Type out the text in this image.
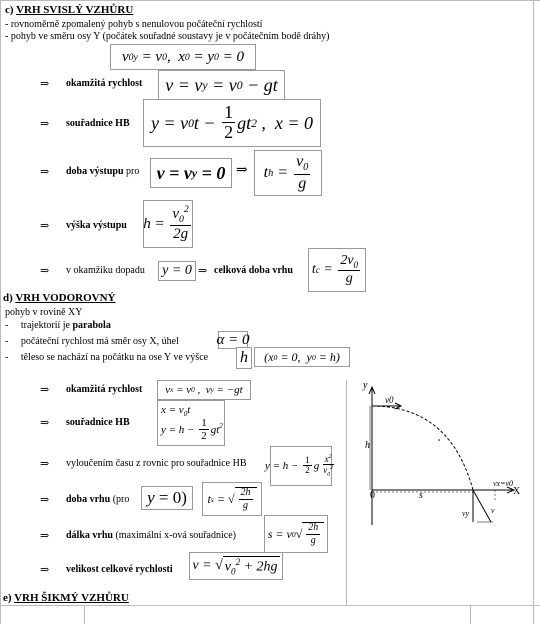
c) VRH SVISLÝ VZHŮRU
- rovnoměrně zpomalený pohyb s nenulovou počáteční rychlostí
- pohyb ve směru osy Y (počátek souřadné soustavy je v počátečním bodě dráhy)
v 0y = v 0 ,  x 0 = y 0 = 0
⇒ okamžitá rychlost	v = v y = v 0 − gt
⇒ souřadnice HB	y = v 0 $t - \frac{1}{2}$ gt 2 ,  x = 0
⇒ doba výstupu pro v = v y = 0 ⇒ t $h = \frac{v_0}{g}$
⇒ výška výstupu $h = \frac{v_0^2}{2g}$
⇒ v okamžiku dopadu y = 0 ⇒ celková doba vrhu t $c = \frac{2v_0}{g}$
d) VRH VODOROVNÝ
pohyb v rovině XY
-     trajektorií je parabola
-     počáteční rychlost má směr osy X, úhel	α = 0
-     těleso se nachází na počátku na ose Y ve výšce h	(x 0 = 0,  y 0 = h)
⇒ okamžitá rychlost	v x = v 0 ,  v y = −gt
⇒ souřadnice HB
$x = v_0t$
$y = h - \frac{1}{2} gt^2$
⇒ vyloučením času z rovnic pro souřadnice HB $y = h - \frac{1}{2}$ g $\frac{x^2}{v_0^2}$
⇒ doba vrhu (pro y = 0)	t s = √ $\frac{2h}{g}$
⇒ dálka vrhu (maximální x-ová souřadnice)	s = v 0 √ $\frac{2h}{g}$
⇒ velikost celkové rychlosti v = √ $v_0^2 + 2hg$
y
v0
h
0	s	X
vx=v0
vy	v
e) VRH ŠIKMÝ VZHŮRU
